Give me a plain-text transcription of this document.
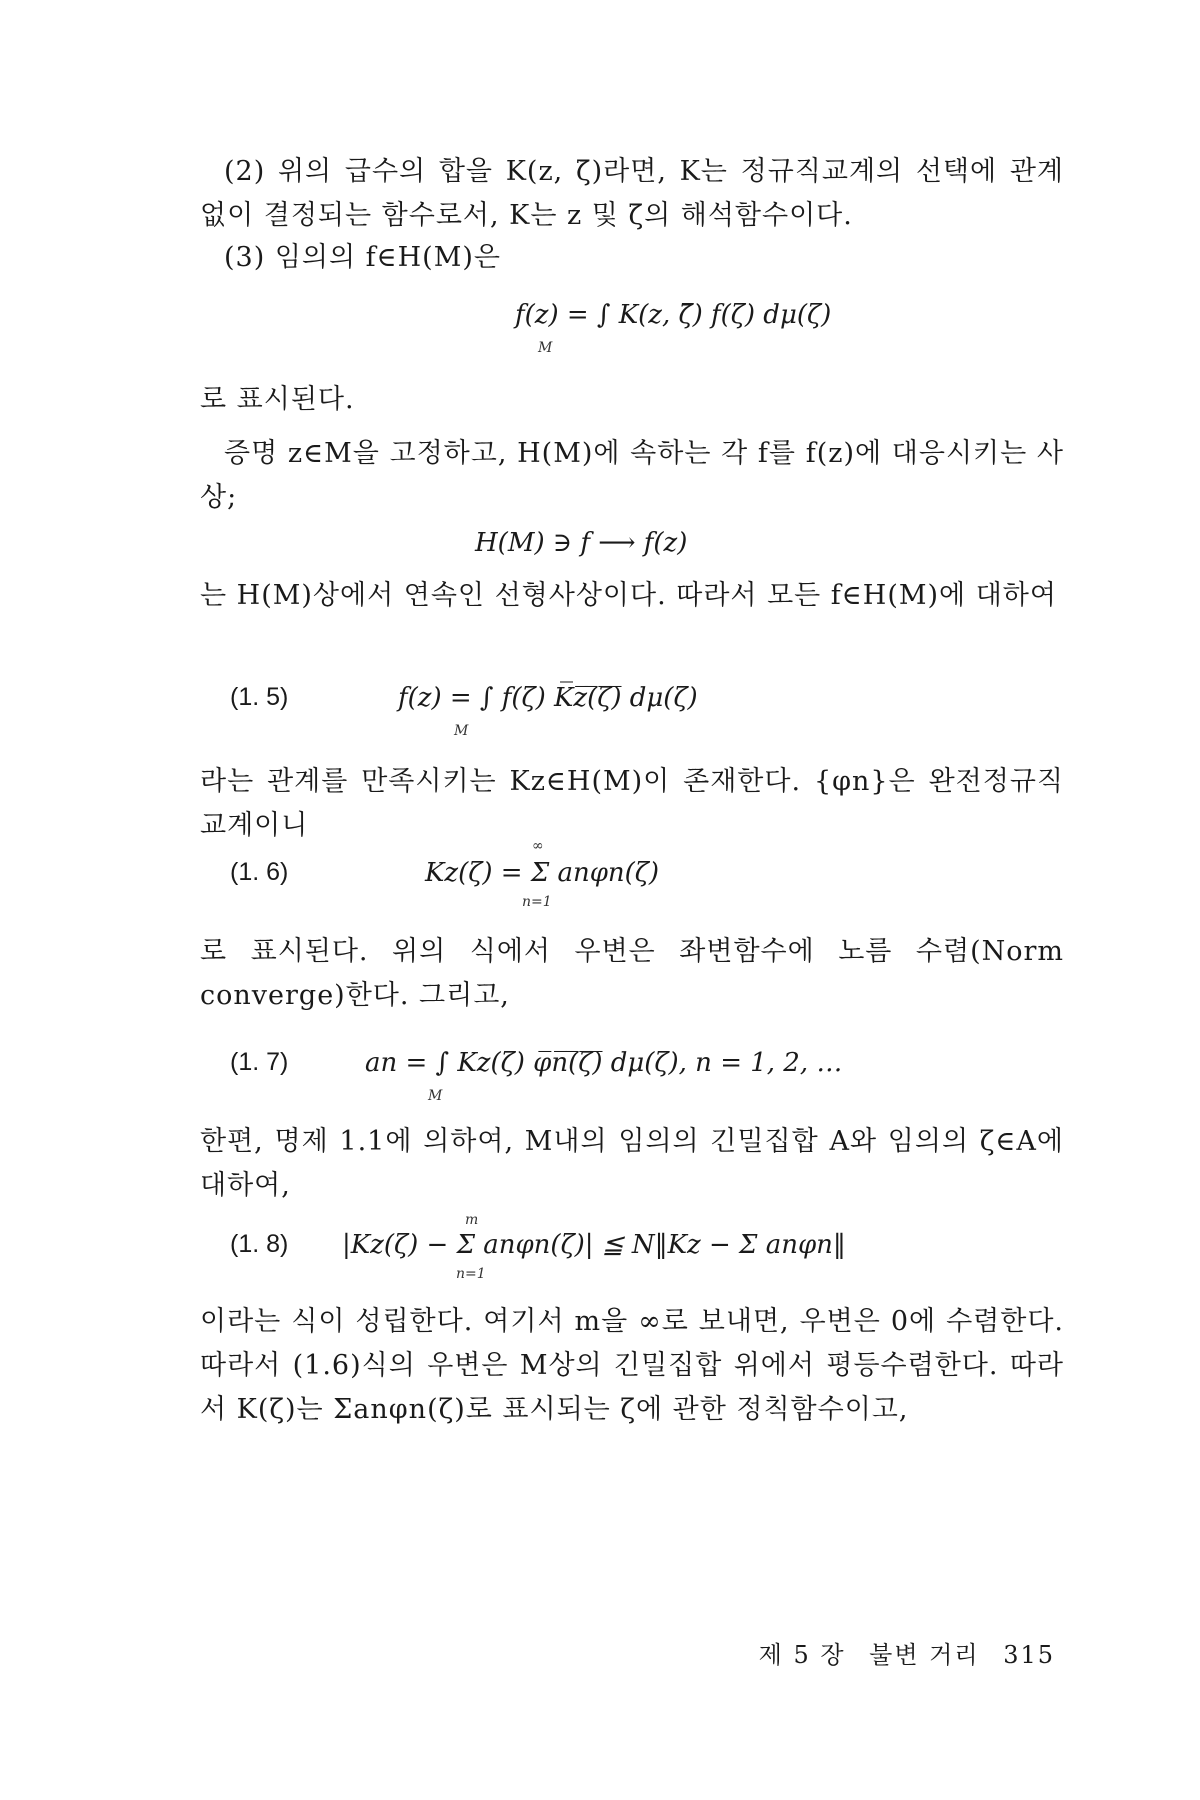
(2) 위의 급수의 합을 K(z, ζ̄)라면, K는 정규직교계의 선택에 관계 없이 결정되는 함수로서, K는 z 및 ζ̄의 해석함수이다.
(3) 임의의 f∈H(M)은
f(z) = ∫ K(z, ζ̄) f(ζ) dμ(ζ)
M
로 표시된다.
증명 z∈M을 고정하고, H(M)에 속하는 각 f를 f(z)에 대응시키는 사상;
H(M) ∋ f ⟶ f(z)
는 H(M)상에서 연속인 선형사상이다. 따라서 모든 f∈H(M)에 대하여
(1. 5)	f(z) = ∫ f(ζ) K̅z̅(̅ζ̅)̅ dμ(ζ)
M
라는 관계를 만족시키는 Kz∈H(M)이 존재한다. {φn}은 완전정규직교계이니
(1. 6)
∞
Kz(ζ) = Σ anφn(ζ)
n=1
로 표시된다. 위의 식에서 우변은 좌변함수에 노름 수렴(Norm converge)한다. 그리고,
(1. 7)	an = ∫ Kz(ζ) φ̅n̅(̅ζ̅)̅ dμ(ζ), n = 1, 2, …
M
한편, 명제 1.1에 의하여, M내의 임의의 긴밀집합 A와 임의의 ζ∈A에 대하여,
(1. 8)
m
|Kz(ζ) − Σ anφn(ζ)| ≦ N‖Kz − Σ anφn‖
n=1
이라는 식이 성립한다. 여기서 m을 ∞로 보내면, 우변은 0에 수렴한다. 따라서 (1.6)식의 우변은 M상의 긴밀집합 위에서 평등수렴한다. 따라서 K(ζ)는 Σanφn(ζ)로 표시되는 ζ에 관한 정칙함수이고,
제 5 장 불변 거리 315
